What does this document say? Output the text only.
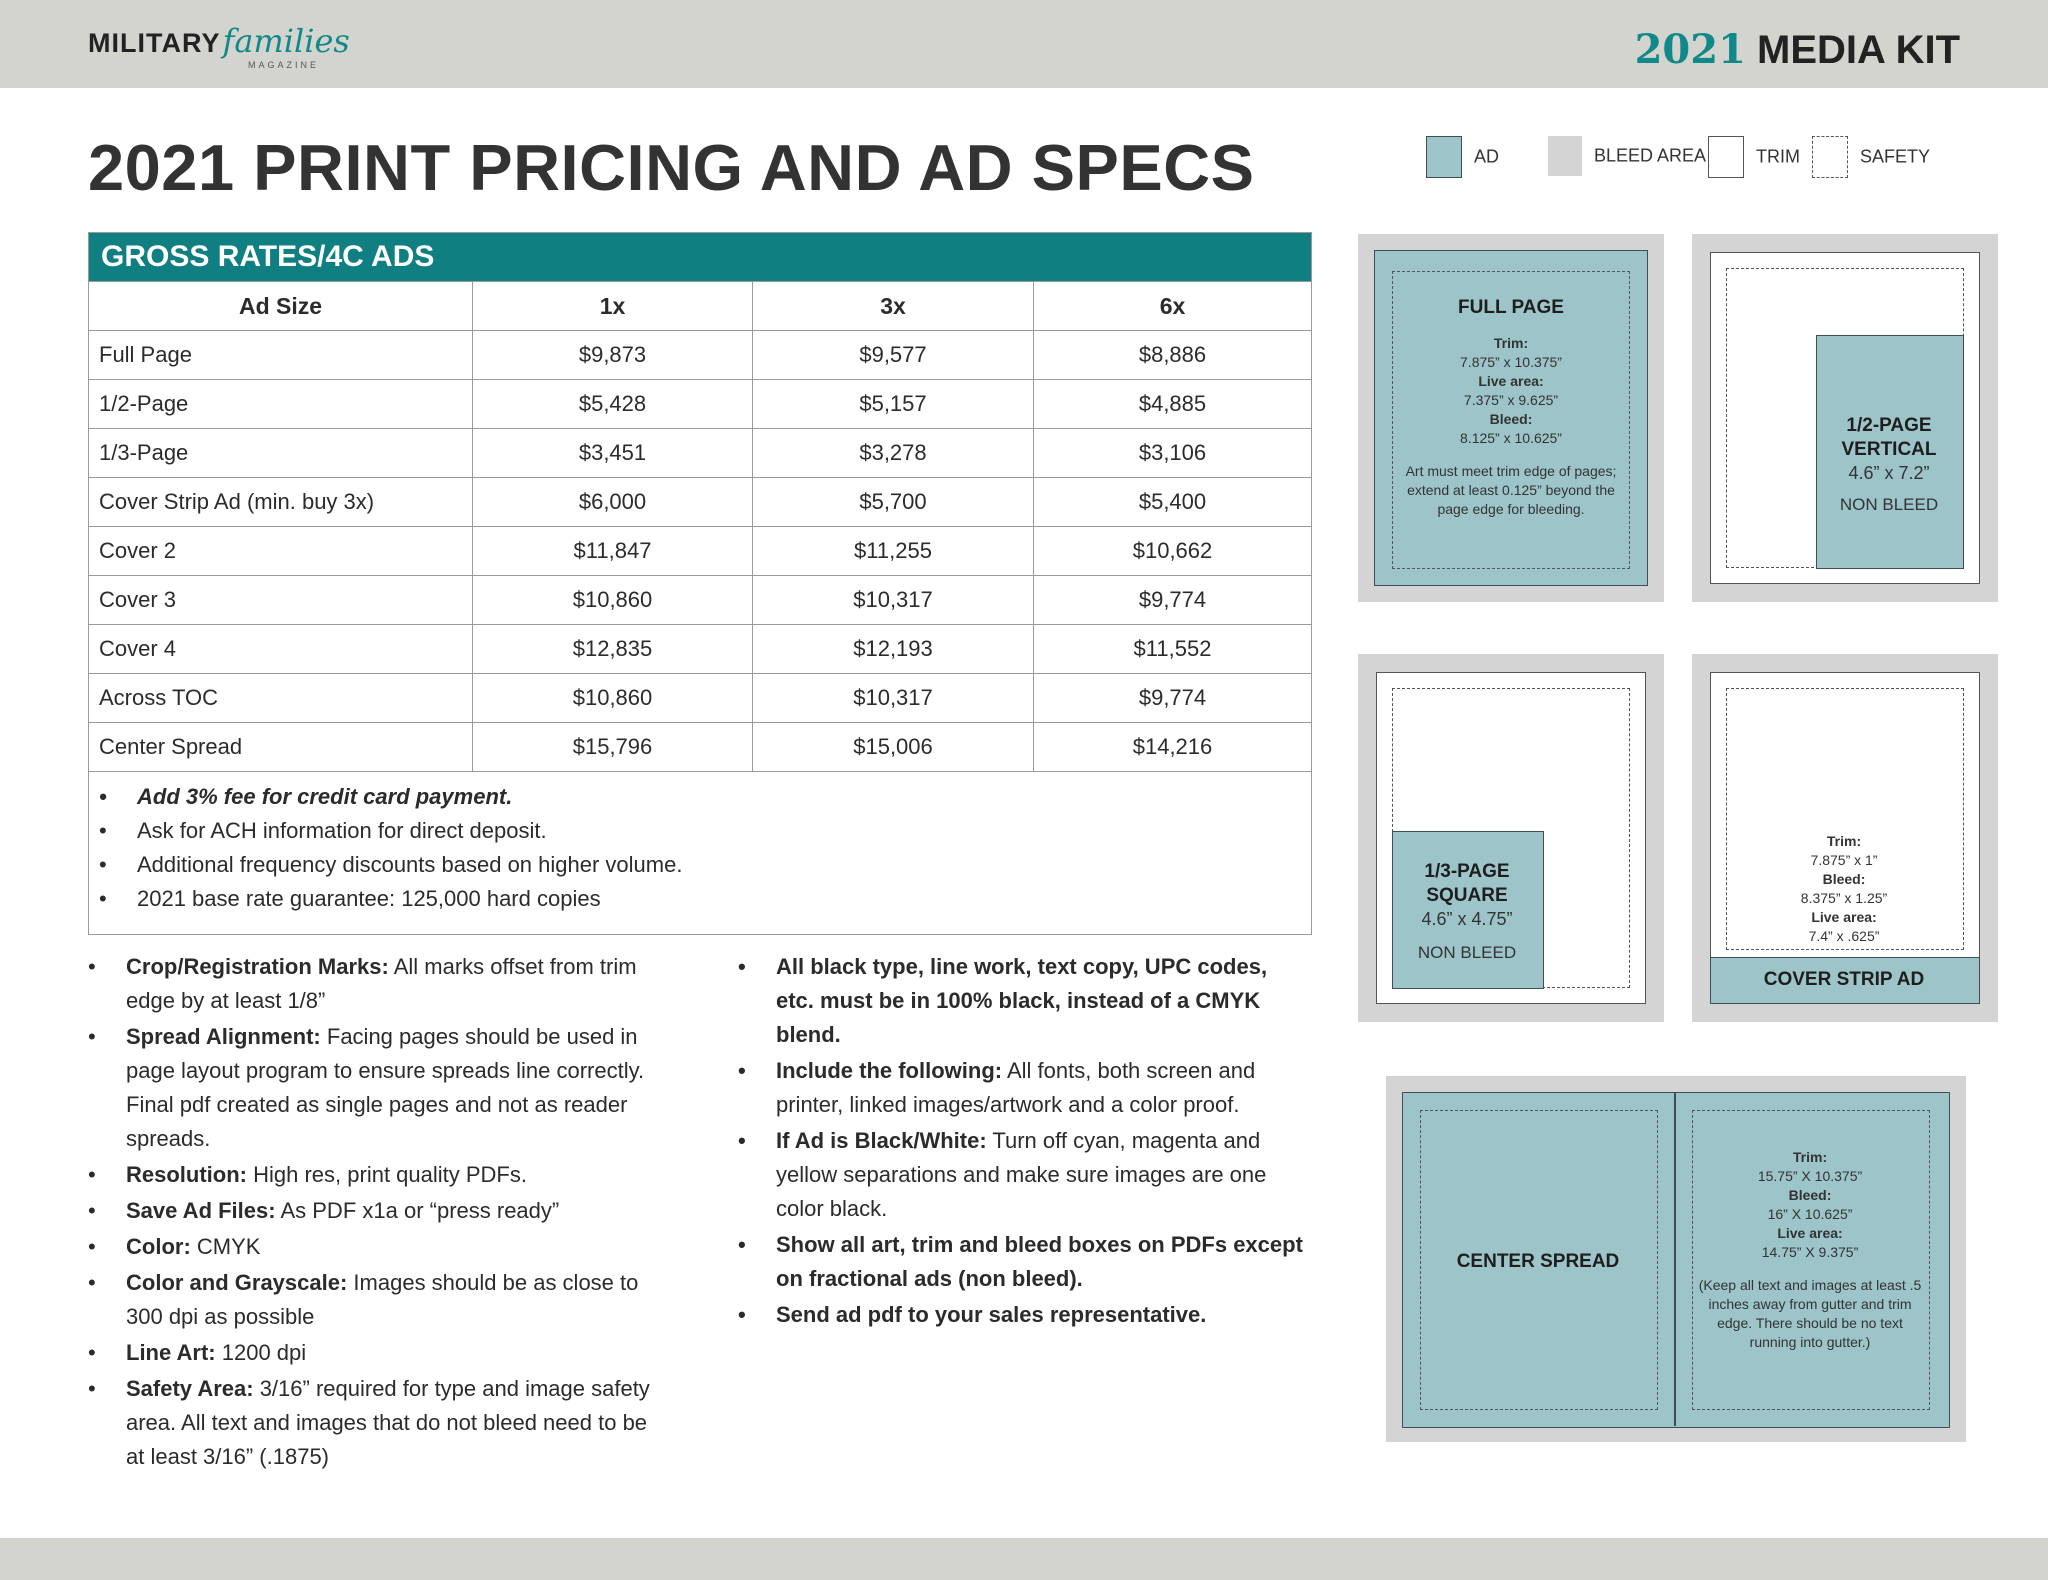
MILITARYfamilies
MAGAZINE	2021 MEDIA KIT
2021 PRINT PRICING AND AD SPECS
GROSS RATES/4C ADS
Ad Size	1x	3x	6x
Full Page	$9,873	$9,577	$8,886
1/2-Page	$5,428	$5,157	$4,885
1/3-Page	$3,451	$3,278	$3,106
Cover Strip Ad (min. buy 3x)	$6,000	$5,700	$5,400
Cover 2	$11,847	$11,255	$10,662
Cover 3	$10,860	$10,317	$9,774
Cover 4	$12,835	$12,193	$11,552
Across TOC	$10,860	$10,317	$9,774
Center Spread	$15,796	$15,006	$14,216
• Add 3% fee for credit card payment.
• Ask for ACH information for direct deposit.
• Additional frequency discounts based on higher volume.
• 2021 base rate guarantee: 125,000 hard copies
• Crop/Registration Marks: All marks offset from trim edge by at least 1/8”
• Spread Alignment: Facing pages should be used in page layout program to ensure spreads line correctly. Final pdf created as single pages and not as reader spreads.
• Resolution: High res, print quality PDFs.
• Save Ad Files: As PDF x1a or “press ready”
• Color: CMYK
• Color and Grayscale: Images should be as close to 300 dpi as possible
• Line Art: 1200 dpi
• Safety Area: 3/16” required for type and image safety area. All text and images that do not bleed need to be at least 3/16” (.1875)
• All black type, line work, text copy, UPC codes, etc. must be in 100% black, instead of a CMYK blend.
• Include the following: All fonts, both screen and printer, linked images/artwork and a color proof.
• If Ad is Black/White: Turn off cyan, magenta and yellow separations and make sure images are one color black.
• Show all art, trim and bleed boxes on PDFs except on fractional ads (non bleed).
• Send ad pdf to your sales representative.
AD	BLEED AREA	TRIM	SAFETY
FULL PAGE
Trim:
7.875” x 10.375”
Live area:
7.375” x 9.625”
Bleed:
8.125” x 10.625”
Art must meet trim edge of pages; extend at least 0.125” beyond the page edge for bleeding.
1/2-PAGE
VERTICAL
4.6” x 7.2”
NON BLEED
1/3-PAGE
SQUARE
4.6” x 4.75”
NON BLEED
Trim:
7.875” x 1”
Bleed:
8.375” x 1.25”
Live area:
7.4” x .625”
COVER STRIP AD
CENTER SPREAD
Trim:
15.75” X 10.375”
Bleed:
16” X 10.625”
Live area:
14.75” X 9.375”
(Keep all text and images at least .5 inches away from gutter and trim edge. There should be no text running into gutter.)
